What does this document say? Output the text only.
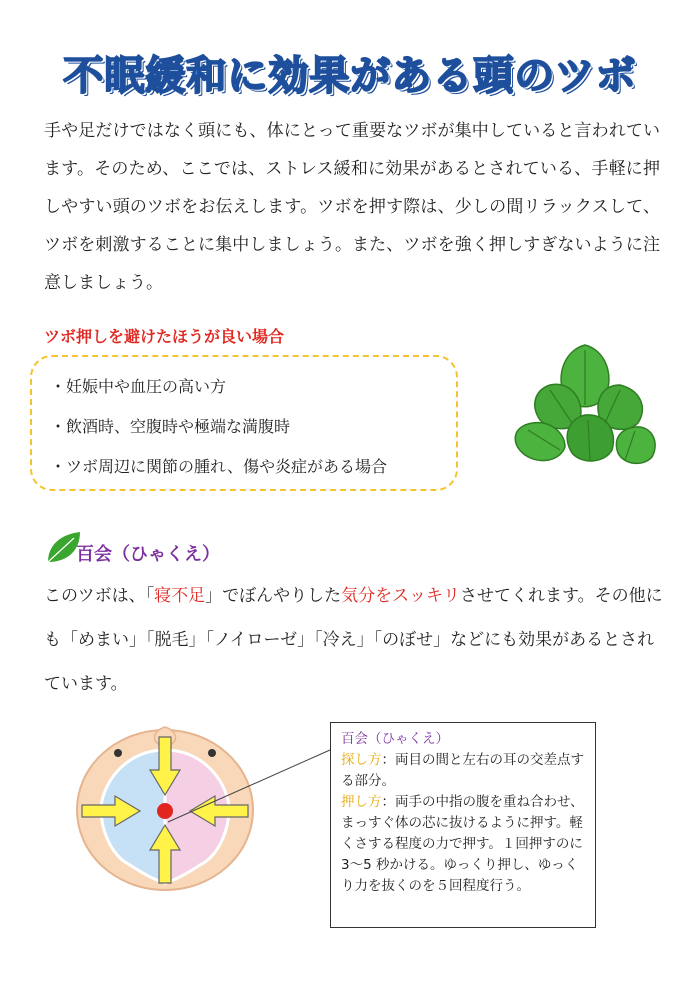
不眠緩和に効果がある頭のツボ

手や足だけではなく頭にも、体にとって重要なツボが集中していると言われています。そのため、ここでは、ストレス緩和に効果があるとされている、手軽に押しやすい頭のツボをお伝えします。ツボを押す際は、少しの間リラックスして、ツボを刺激することに集中しましょう。また、ツボを強く押しすぎないように注意しましょう。

ツボ押しを避けたほうが良い場合
・妊娠中や血圧の高い方
・飲酒時、空腹時や極端な満腹時
・ツボ周辺に関節の腫れ、傷や炎症がある場合
百会（ひゃくえ）

このツボは、「寝不足」でぼんやりした気分をスッキリさせてくれます。その他にも「めまい」「脱毛」「ノイローゼ」「冷え」「のぼせ」などにも効果があるとされています。

百会（ひゃくえ）
探し方：両目の間と左右の耳の交差点する部分。
押し方：両手の中指の腹を重ね合わせ、まっすぐ体の芯に抜けるように押す。軽くさする程度の力で押す。１回押すのに 3～5 秒かける。ゆっくり押し、ゆっくり力を抜くのを５回程度行う。
